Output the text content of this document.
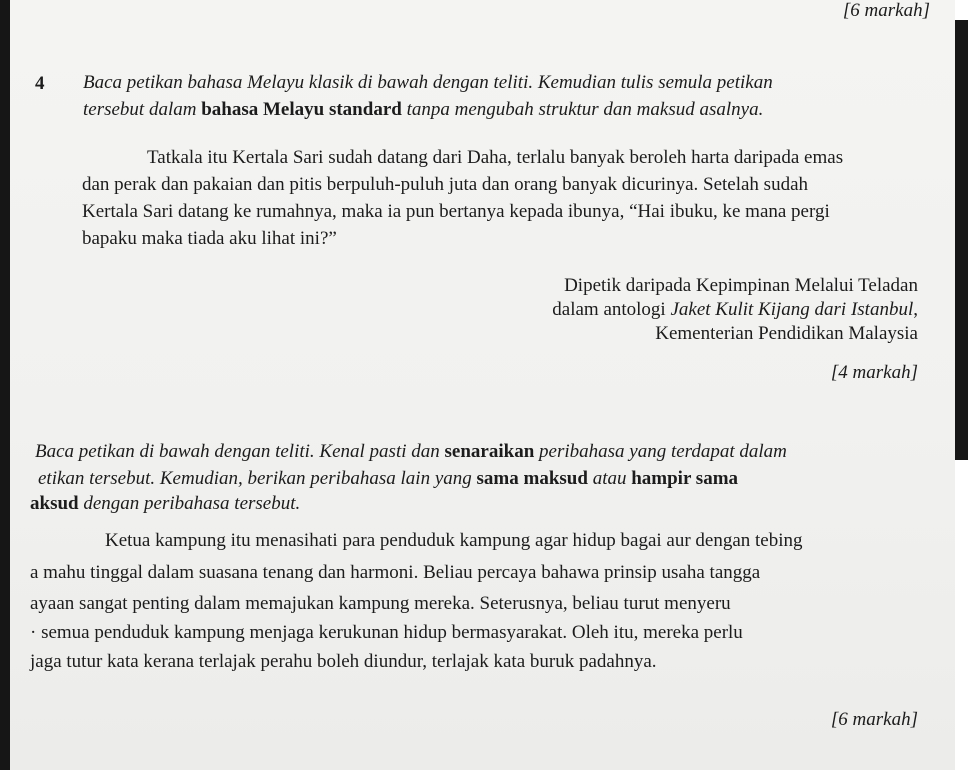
[6 markah]
4 Baca petikan bahasa Melayu klasik di bawah dengan teliti. Kemudian tulis semula petikan
tersebut dalam bahasa Melayu standard tanpa mengubah struktur dan maksud asalnya.
Tatkala itu Kertala Sari sudah datang dari Daha, terlalu banyak beroleh harta daripada emas
dan perak dan pakaian dan pitis berpuluh-puluh juta dan orang banyak dicurinya. Setelah sudah
Kertala Sari datang ke rumahnya, maka ia pun bertanya kepada ibunya, “Hai ibuku, ke mana pergi
bapaku maka tiada aku lihat ini?”
Dipetik daripada Kepimpinan Melalui Teladan
dalam antologi Jaket Kulit Kijang dari Istanbul,
Kementerian Pendidikan Malaysia
[4 markah]
Baca petikan di bawah dengan teliti. Kenal pasti dan senaraikan peribahasa yang terdapat dalam
etikan tersebut. Kemudian, berikan peribahasa lain yang sama maksud atau hampir sama
aksud dengan peribahasa tersebut.
Ketua kampung itu menasihati para penduduk kampung agar hidup bagai aur dengan tebing
a mahu tinggal dalam suasana tenang dan harmoni. Beliau percaya bahawa prinsip usaha tangga
ayaan sangat penting dalam memajukan kampung mereka. Seterusnya, beliau turut menyeru
· semua penduduk kampung menjaga kerukunan hidup bermasyarakat. Oleh itu, mereka perlu
jaga tutur kata kerana terlajak perahu boleh diundur, terlajak kata buruk padahnya.
[6 markah]
